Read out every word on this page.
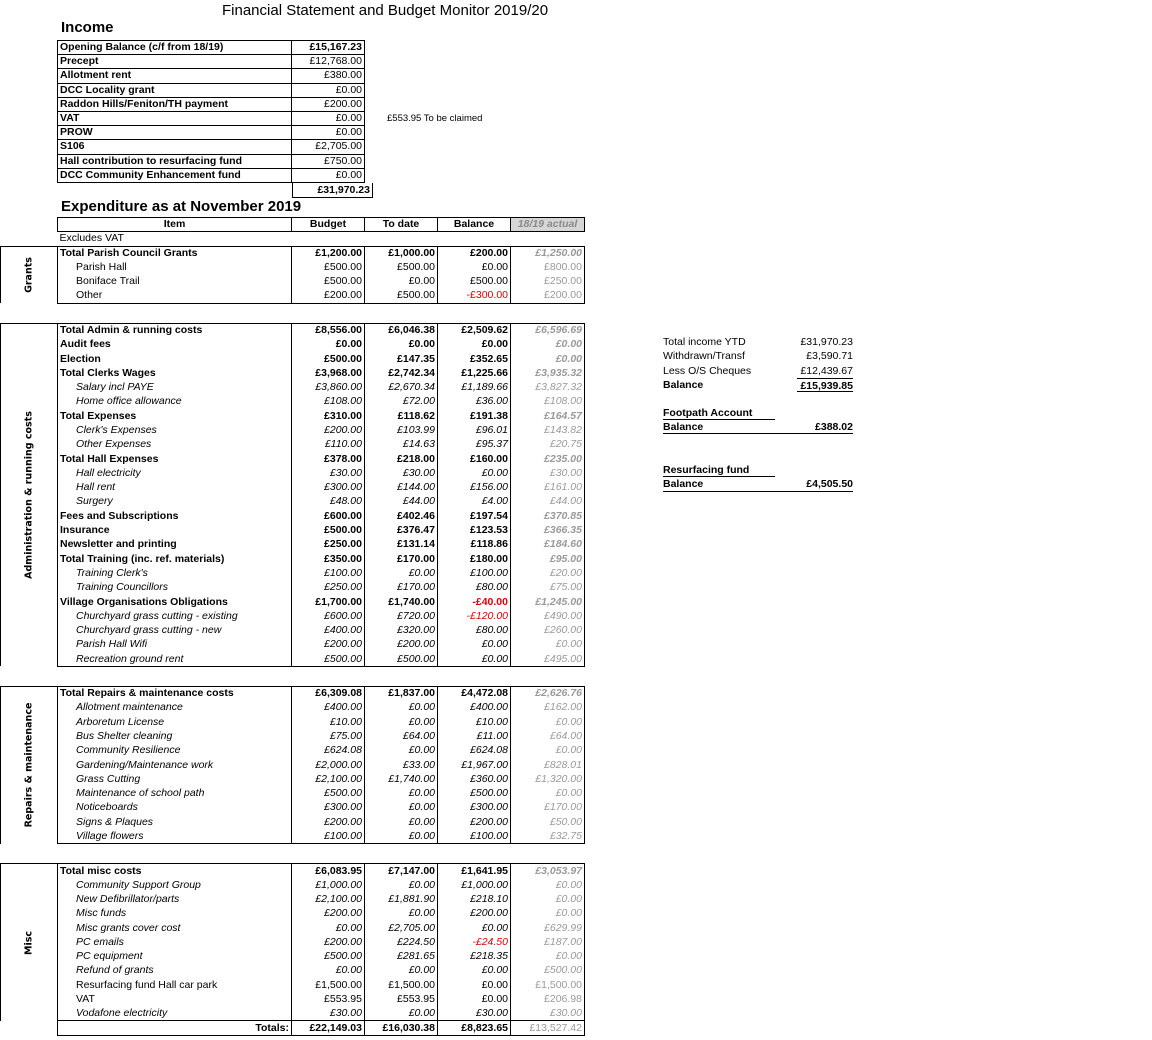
Financial Statement and Budget Monitor 2019/20
Income
Opening Balance (c/f from 18/19)	£15,167.23	
Precept	£12,768.00	
Allotment rent	£380.00	
DCC Locality grant	£0.00	
Raddon Hills/Feniton/TH payment	£200.00	
VAT	£0.00	£553.95 To be claimed
PROW	£0.00	
S106	£2,705.00	
Hall contribution to resurfacing fund	£750.00	
DCC Community Enhancement fund	£0.00	
£31,970.23
Expenditure as at November 2019
	Item	Budget	To date	Balance	18/19 actual
	Excludes VAT				

Grants	Total Parish Council Grants	£1,200.00	£1,000.00	£200.00	£1,250.00
	Parish Hall	£500.00	£500.00	£0.00	£800.00
	Boniface Trail	£500.00	£0.00	£500.00	£250.00
	Other	£200.00	£500.00	-£300.00	£200.00

Administration & running costs	Total Admin & running costs	£8,556.00	£6,046.38	£2,509.62	£6,596.69
	Audit fees	£0.00	£0.00	£0.00	£0.00
	Election	£500.00	£147.35	£352.65	£0.00
	Total Clerks Wages	£3,968.00	£2,742.34	£1,225.66	£3,935.32
	Salary incl PAYE	£3,860.00	£2,670.34	£1,189.66	£3,827.32
	Home office allowance	£108.00	£72.00	£36.00	£108.00
	Total Expenses	£310.00	£118.62	£191.38	£164.57
	Clerk's Expenses	£200.00	£103.99	£96.01	£143.82
	Other Expenses	£110.00	£14.63	£95.37	£20.75
	Total Hall Expenses	£378.00	£218.00	£160.00	£235.00
	Hall electricity	£30.00	£30.00	£0.00	£30.00
	Hall rent	£300.00	£144.00	£156.00	£161.00
	Surgery	£48.00	£44.00	£4.00	£44.00
	Fees and Subscriptions	£600.00	£402.46	£197.54	£370.85
	Insurance	£500.00	£376.47	£123.53	£366.35
	Newsletter and printing	£250.00	£131.14	£118.86	£184.60
	Total Training (inc. ref. materials)	£350.00	£170.00	£180.00	£95.00
	Training Clerk's	£100.00	£0.00	£100.00	£20.00
	Training Councillors	£250.00	£170.00	£80.00	£75.00
	Village Organisations Obligations	£1,700.00	£1,740.00	-£40.00	£1,245.00
	Churchyard grass cutting - existing	£600.00	£720.00	-£120.00	£490.00
	Churchyard grass cutting - new	£400.00	£320.00	£80.00	£260.00
	Parish Hall Wifi	£200.00	£200.00	£0.00	£0.00
	Recreation ground rent	£500.00	£500.00	£0.00	£495.00

Repairs & maintenance	Total Repairs & maintenance costs	£6,309.08	£1,837.00	£4,472.08	£2,626.76
	Allotment maintenance	£400.00	£0.00	£400.00	£162.00
	Arboretum License	£10.00	£0.00	£10.00	£0.00
	Bus Shelter cleaning	£75.00	£64.00	£11.00	£64.00
	Community Resilience	£624.08	£0.00	£624.08	£0.00
	Gardening/Maintenance work	£2,000.00	£33.00	£1,967.00	£828.01
	Grass Cutting	£2,100.00	£1,740.00	£360.00	£1,320.00
	Maintenance of school path	£500.00	£0.00	£500.00	£0.00
	Noticeboards	£300.00	£0.00	£300.00	£170.00
	Signs & Plaques	£200.00	£0.00	£200.00	£50.00
	Village flowers	£100.00	£0.00	£100.00	£32.75

Misc	Total misc costs	£6,083.95	£7,147.00	£1,641.95	£3,053.97
	Community Support Group	£1,000.00	£0.00	£1,000.00	£0.00
	New Defibrillator/parts	£2,100.00	£1,881.90	£218.10	£0.00
	Misc funds	£200.00	£0.00	£200.00	£0.00
	Misc grants cover cost	£0.00	£2,705.00	£0.00	£629.99
	PC emails	£200.00	£224.50	-£24.50	£187.00
	PC equipment	£500.00	£281.65	£218.35	£0.00
	Refund of grants	£0.00	£0.00	£0.00	£500.00
	Resurfacing fund Hall car park	£1,500.00	£1,500.00	£0.00	£1,500.00
	VAT	£553.95	£553.95	£0.00	£206.98
	Vodafone electricity	£30.00	£0.00	£30.00	£30.00
	Totals:	£22,149.03	£16,030.38	£8,823.65	£13,527.42
Total income YTD	£31,970.23
Withdrawn/Transf	£3,590.71
Less O/S Cheques	£12,439.67
Balance	£15,939.85
Footpath Account
Balance	£388.02
Resurfacing fund
Balance	£4,505.50
